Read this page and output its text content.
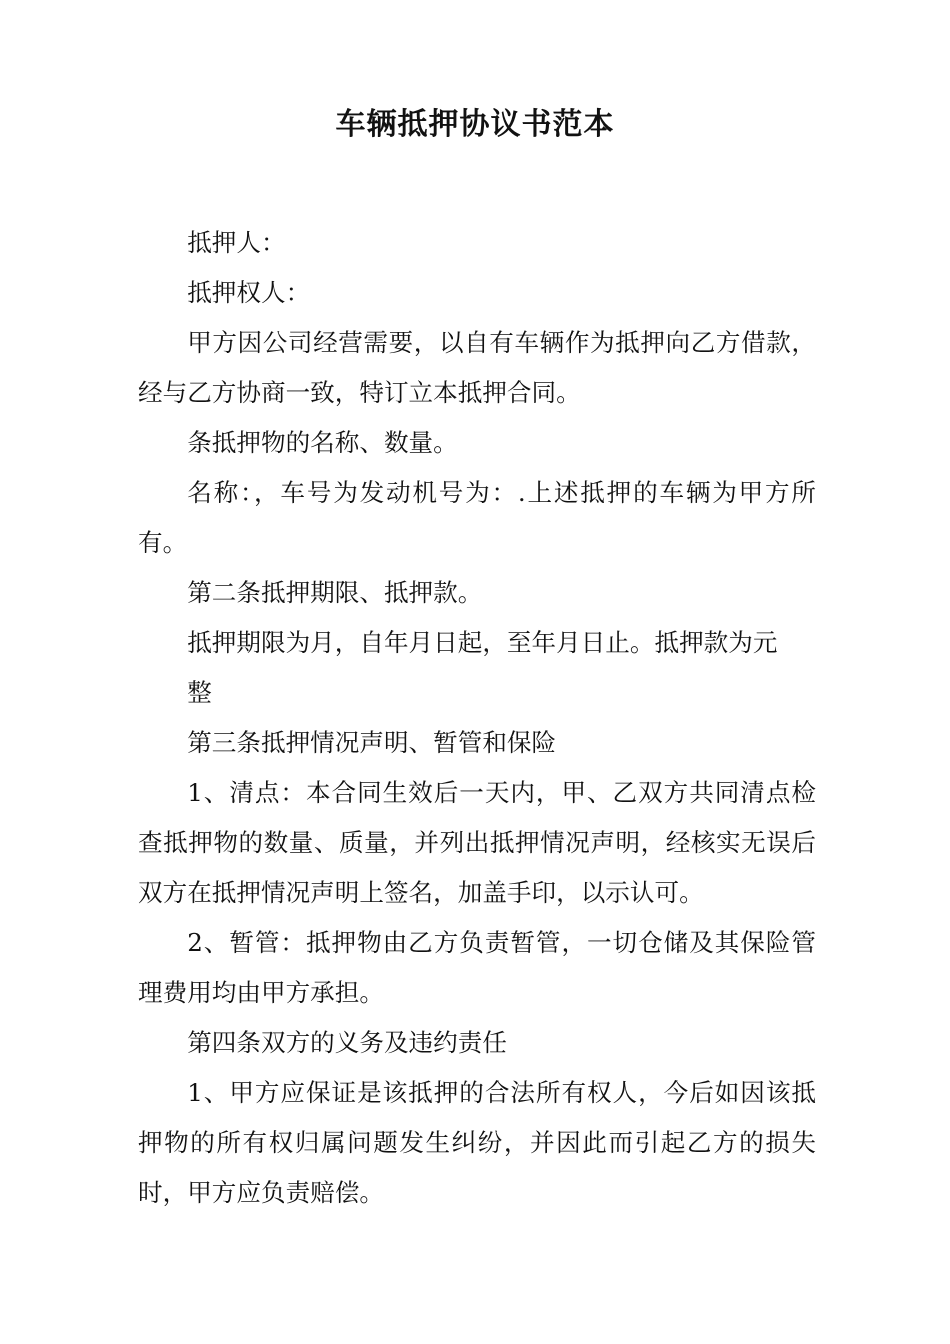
车辆抵押协议书范本

抵押人：

抵押权人：

甲方因公司经营需要，以自有车辆作为抵押向乙方借款，经与乙方协商一致，特订立本抵押合同。

条抵押物的名称、数量。

名称：，车号为发动机号为：.上述抵押的车辆为甲方所有。

第二条抵押期限、抵押款。

抵押期限为月，自年月日起，至年月日止。抵押款为元

整

第三条抵押情况声明、暂管和保险

1、清点：本合同生效后一天内，甲、乙双方共同清点检查抵押物的数量、质量，并列出抵押情况声明，经核实无误后双方在抵押情况声明上签名，加盖手印，以示认可。

2、暂管：抵押物由乙方负责暂管，一切仓储及其保险管理费用均由甲方承担。

第四条双方的义务及违约责任

1、甲方应保证是该抵押的合法所有权人，今后如因该抵押物的所有权归属问题发生纠纷，并因此而引起乙方的损失时，甲方应负责赔偿。
